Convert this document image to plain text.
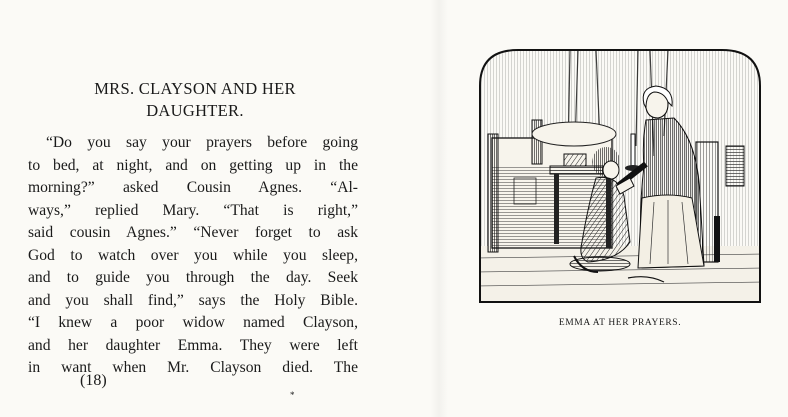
MRS. CLAYSON AND HER
DAUGHTER.
“Do you say your prayers before going
to bed, at night, and on getting up in the
morning?” asked Cousin Agnes. “Al-
ways,” replied Mary. “That is right,”
said cousin Agnes.” “Never forget to ask
God to watch over you while you sleep,
and to guide you through the day. Seek
and you shall find,” says the Holy Bible.
“I knew a poor widow named Clayson,
and her daughter Emma. They were left
in want when Mr. Clayson died. The
(18)
*
EMMA AT HER PRAYERS.
